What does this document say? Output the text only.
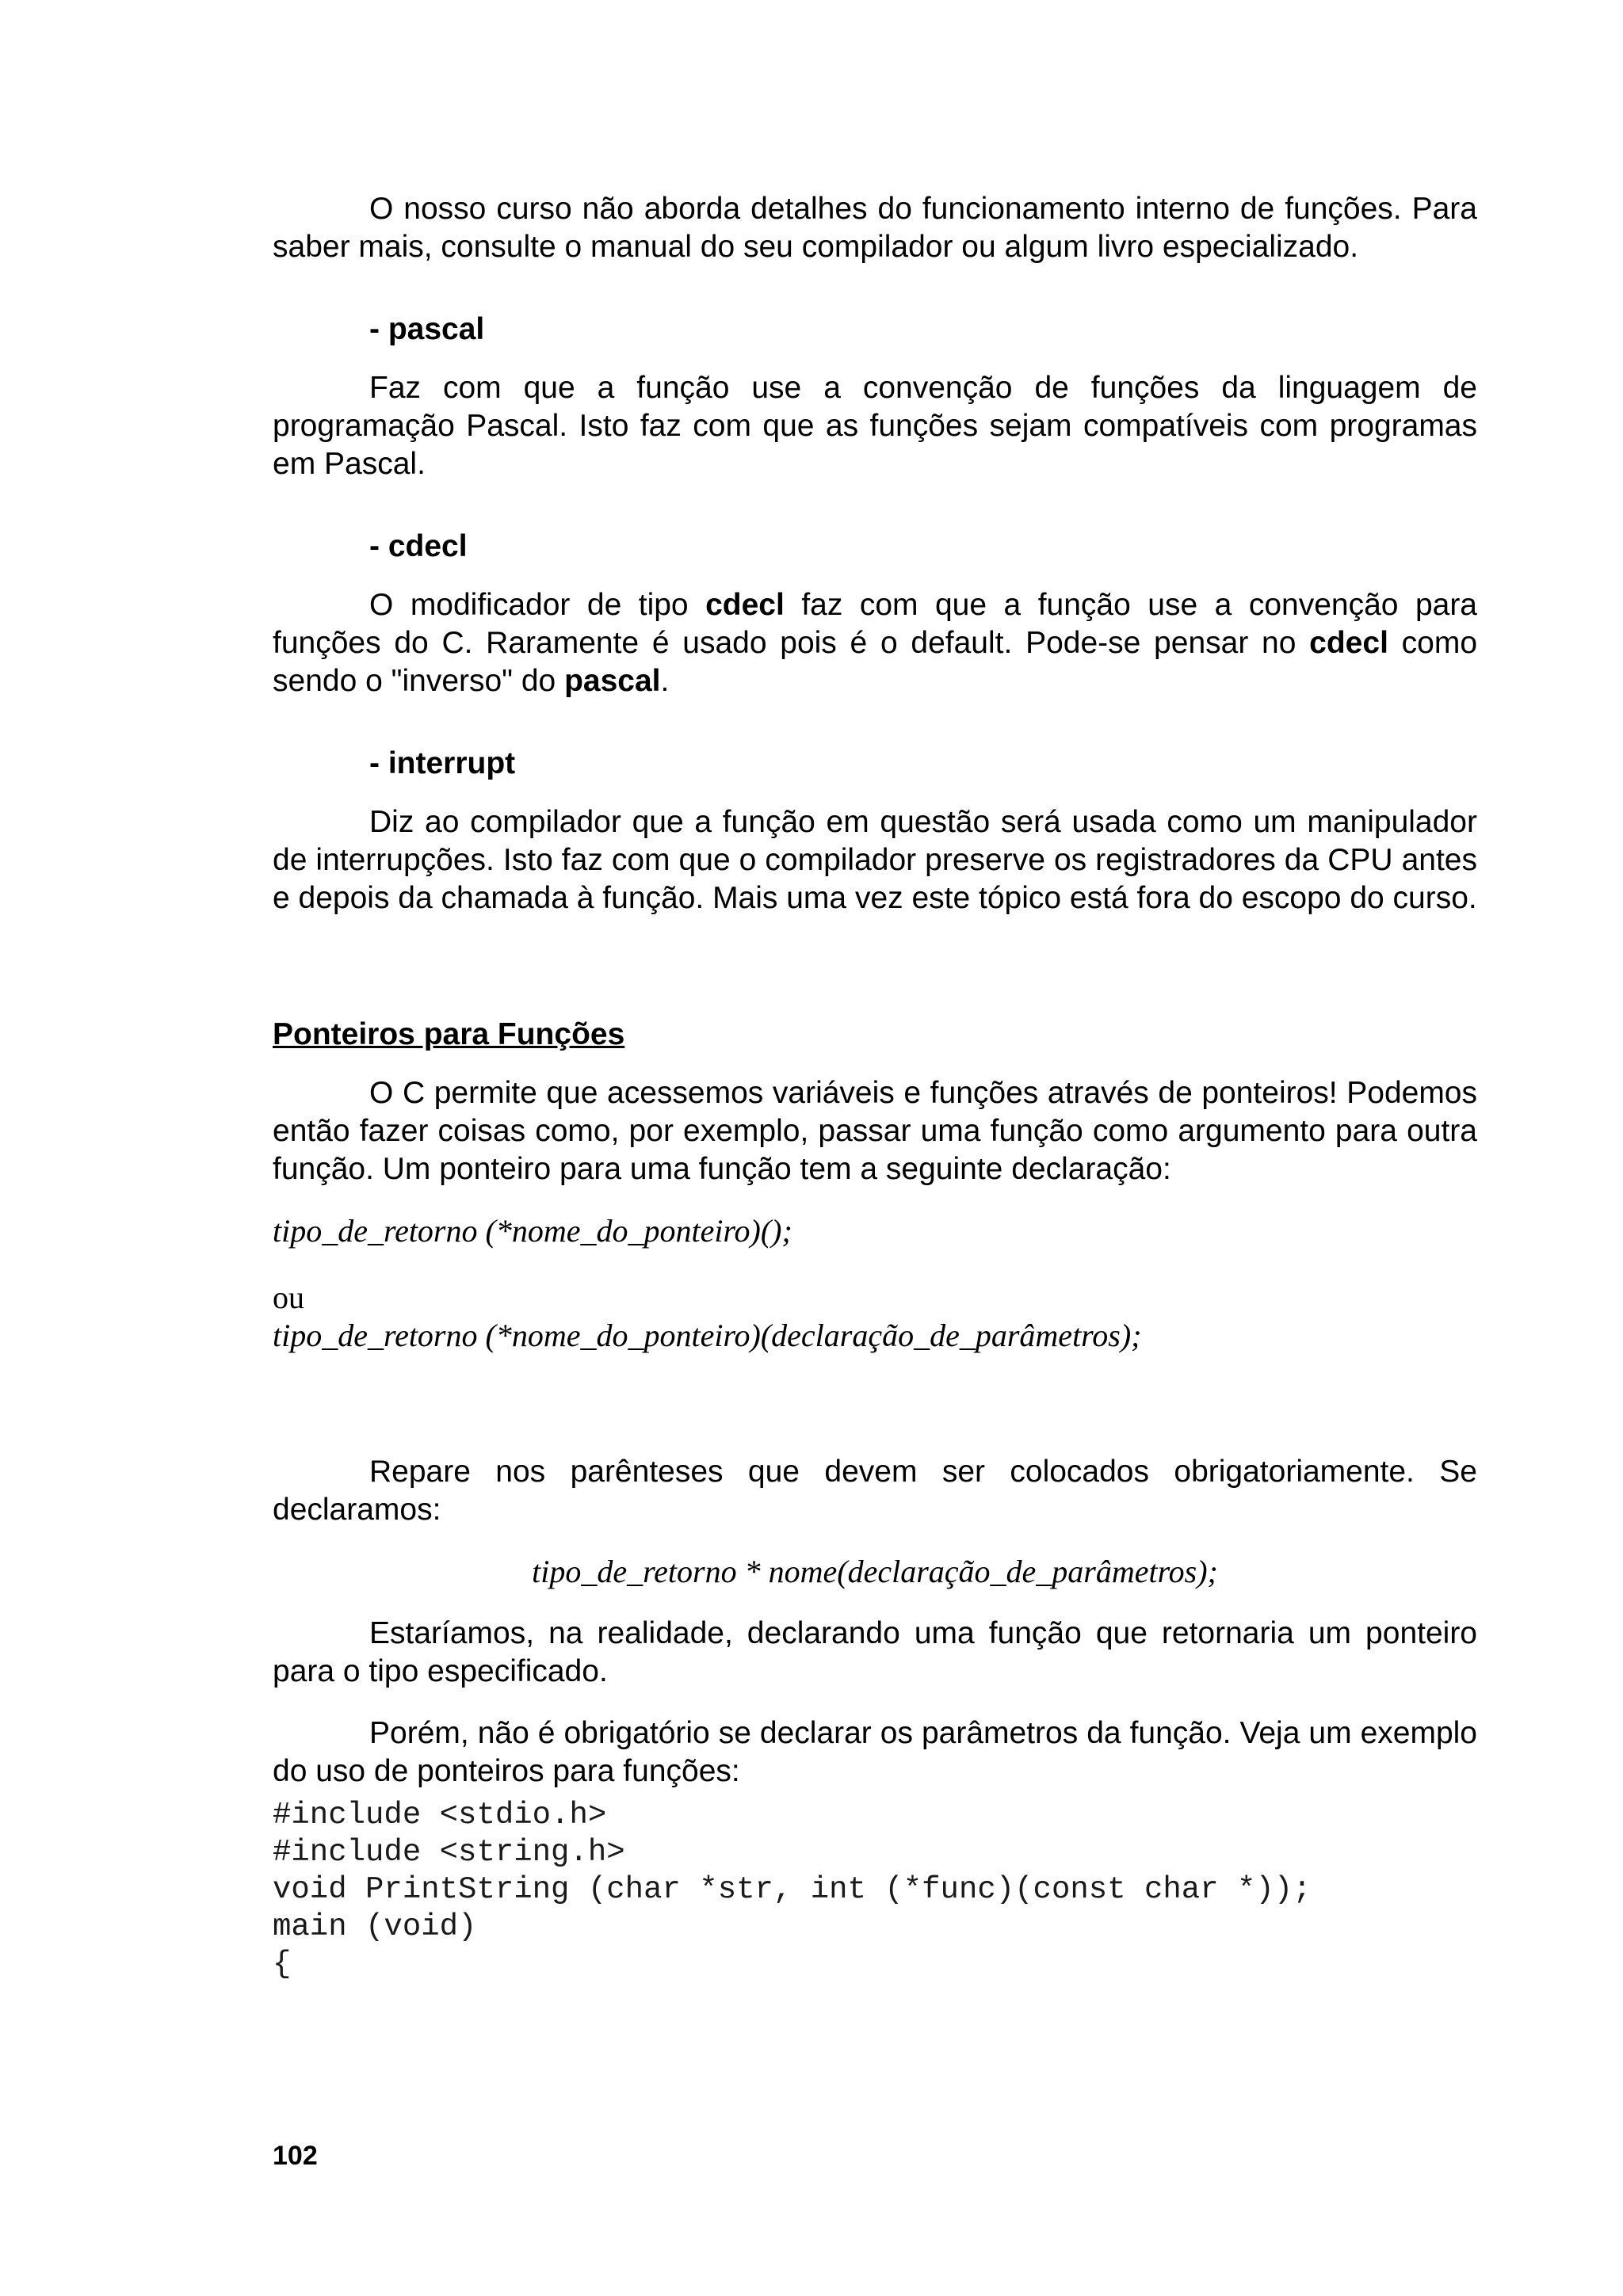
O nosso curso não aborda detalhes do funcionamento interno de funções. Para saber mais, consulte o manual do seu compilador ou algum livro especializado.

- pascal

Faz com que a função use a convenção de funções da linguagem de programação Pascal. Isto faz com que as funções sejam compatíveis com programas em Pascal.

- cdecl

O modificador de tipo cdecl faz com que a função use a convenção para funções do C. Raramente é usado pois é o default. Pode-se pensar no cdecl como sendo o "inverso" do pascal.

- interrupt

Diz ao compilador que a função em questão será usada como um manipulador de interrupções. Isto faz com que o compilador preserve os registradores da CPU antes e depois da chamada à função. Mais uma vez este tópico está fora do escopo do curso.

Ponteiros para Funções

O C permite que acessemos variáveis e funções através de ponteiros! Podemos então fazer coisas como, por exemplo, passar uma função como argumento para outra função. Um ponteiro para uma função tem a seguinte declaração:

tipo_de_retorno (*nome_do_ponteiro)();

ou

tipo_de_retorno (*nome_do_ponteiro)(declaração_de_parâmetros);

Repare nos parênteses que devem ser colocados obrigatoriamente. Se declaramos:

tipo_de_retorno * nome(declaração_de_parâmetros);

Estaríamos, na realidade, declarando uma função que retornaria um ponteiro para o tipo especificado.

Porém, não é obrigatório se declarar os parâmetros da função. Veja um exemplo do uso de ponteiros para funções:

#include <stdio.h>
#include <string.h>
void PrintString (char *str, int (*func)(const char *));
main (void)
{
102
